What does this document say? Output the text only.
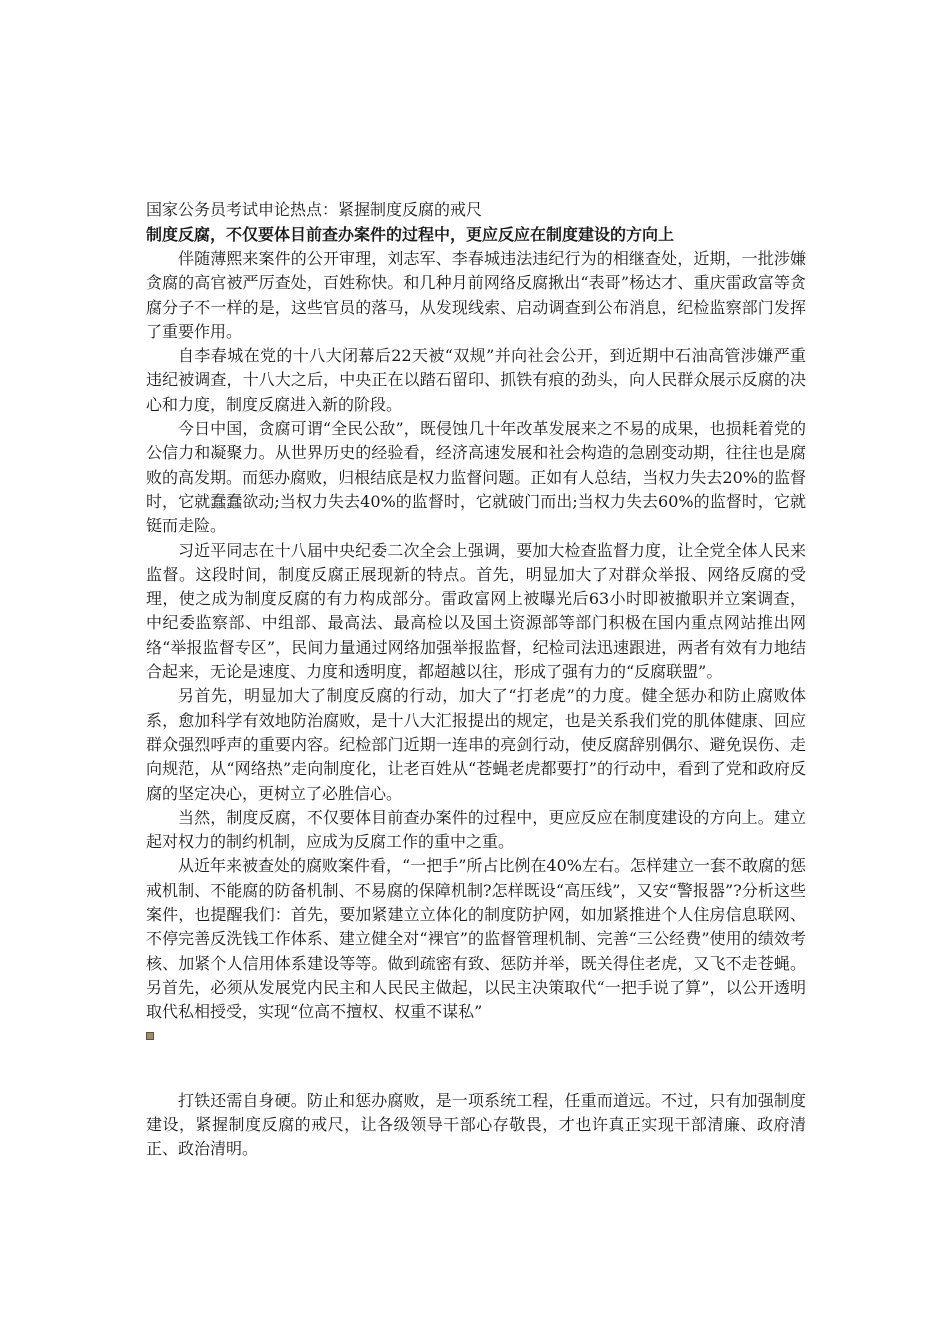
国家公务员考试申论热点：紧握制度反腐的戒尺

制度反腐，不仅要体目前查办案件的过程中，更应反应在制度建设的方向上

伴随薄熙来案件的公开审理，刘志军、李春城违法违纪行为的相继查处，近期，一批涉嫌贪腐的高官被严厉查处，百姓称快。和几种月前网络反腐揪出“表哥”杨达才、重庆雷政富等贪腐分子不一样的是，这些官员的落马，从发现线索、启动调查到公布消息，纪检监察部门发挥了重要作用。

自李春城在党的十八大闭幕后22天被“双规”并向社会公开，到近期中石油高管涉嫌严重违纪被调查，十八大之后，中央正在以踏石留印、抓铁有痕的劲头，向人民群众展示反腐的决心和力度，制度反腐进入新的阶段。

今日中国，贪腐可谓“全民公敌”，既侵蚀几十年改革发展来之不易的成果，也损耗着党的公信力和凝聚力。从世界历史的经验看，经济高速发展和社会构造的急剧变动期，往往也是腐败的高发期。而惩办腐败，归根结底是权力监督问题。正如有人总结，当权力失去20%的监督时，它就蠢蠢欲动;当权力失去40%的监督时，它就破门而出;当权力失去60%的监督时，它就铤而走险。

习近平同志在十八届中央纪委二次全会上强调，要加大检查监督力度，让全党全体人民来监督。这段时间，制度反腐正展现新的特点。首先，明显加大了对群众举报、网络反腐的受理，使之成为制度反腐的有力构成部分。雷政富网上被曝光后63小时即被撤职并立案调查，中纪委监察部、中组部、最高法、最高检以及国土资源部等部门积极在国内重点网站推出网络“举报监督专区”，民间力量通过网络加强举报监督，纪检司法迅速跟进，两者有效有力地结合起来，无论是速度、力度和透明度，都超越以往，形成了强有力的“反腐联盟”。

另首先，明显加大了制度反腐的行动，加大了“打老虎”的力度。健全惩办和防止腐败体系，愈加科学有效地防治腐败，是十八大汇报提出的规定，也是关系我们党的肌体健康、回应群众强烈呼声的重要内容。纪检部门近期一连串的亮剑行动，使反腐辞别偶尔、避免误伤、走向规范，从“网络热”走向制度化，让老百姓从“苍蝇老虎都要打”的行动中，看到了党和政府反腐的坚定决心，更树立了必胜信心。

当然，制度反腐，不仅要体目前查办案件的过程中，更应反应在制度建设的方向上。建立起对权力的制约机制，应成为反腐工作的重中之重。

从近年来被查处的腐败案件看，“一把手”所占比例在40%左右。怎样建立一套不敢腐的惩戒机制、不能腐的防备机制、不易腐的保障机制?怎样既设“高压线”，又安“警报器”?分析这些案件，也提醒我们：首先，要加紧建立立体化的制度防护网，如加紧推进个人住房信息联网、不停完善反洗钱工作体系、建立健全对“裸官”的监督管理机制、完善“三公经费”使用的绩效考核、加紧个人信用体系建设等等。做到疏密有致、惩防并举，既关得住老虎，又飞不走苍蝇。另首先，必须从发展党内民主和人民民主做起，以民主决策取代“一把手说了算”，以公开透明取代私相授受，实现“位高不擅权、权重不谋私”

打铁还需自身硬。防止和惩办腐败，是一项系统工程，任重而道远。不过，只有加强制度建设，紧握制度反腐的戒尺，让各级领导干部心存敬畏，才也许真正实现干部清廉、政府清正、政治清明。
